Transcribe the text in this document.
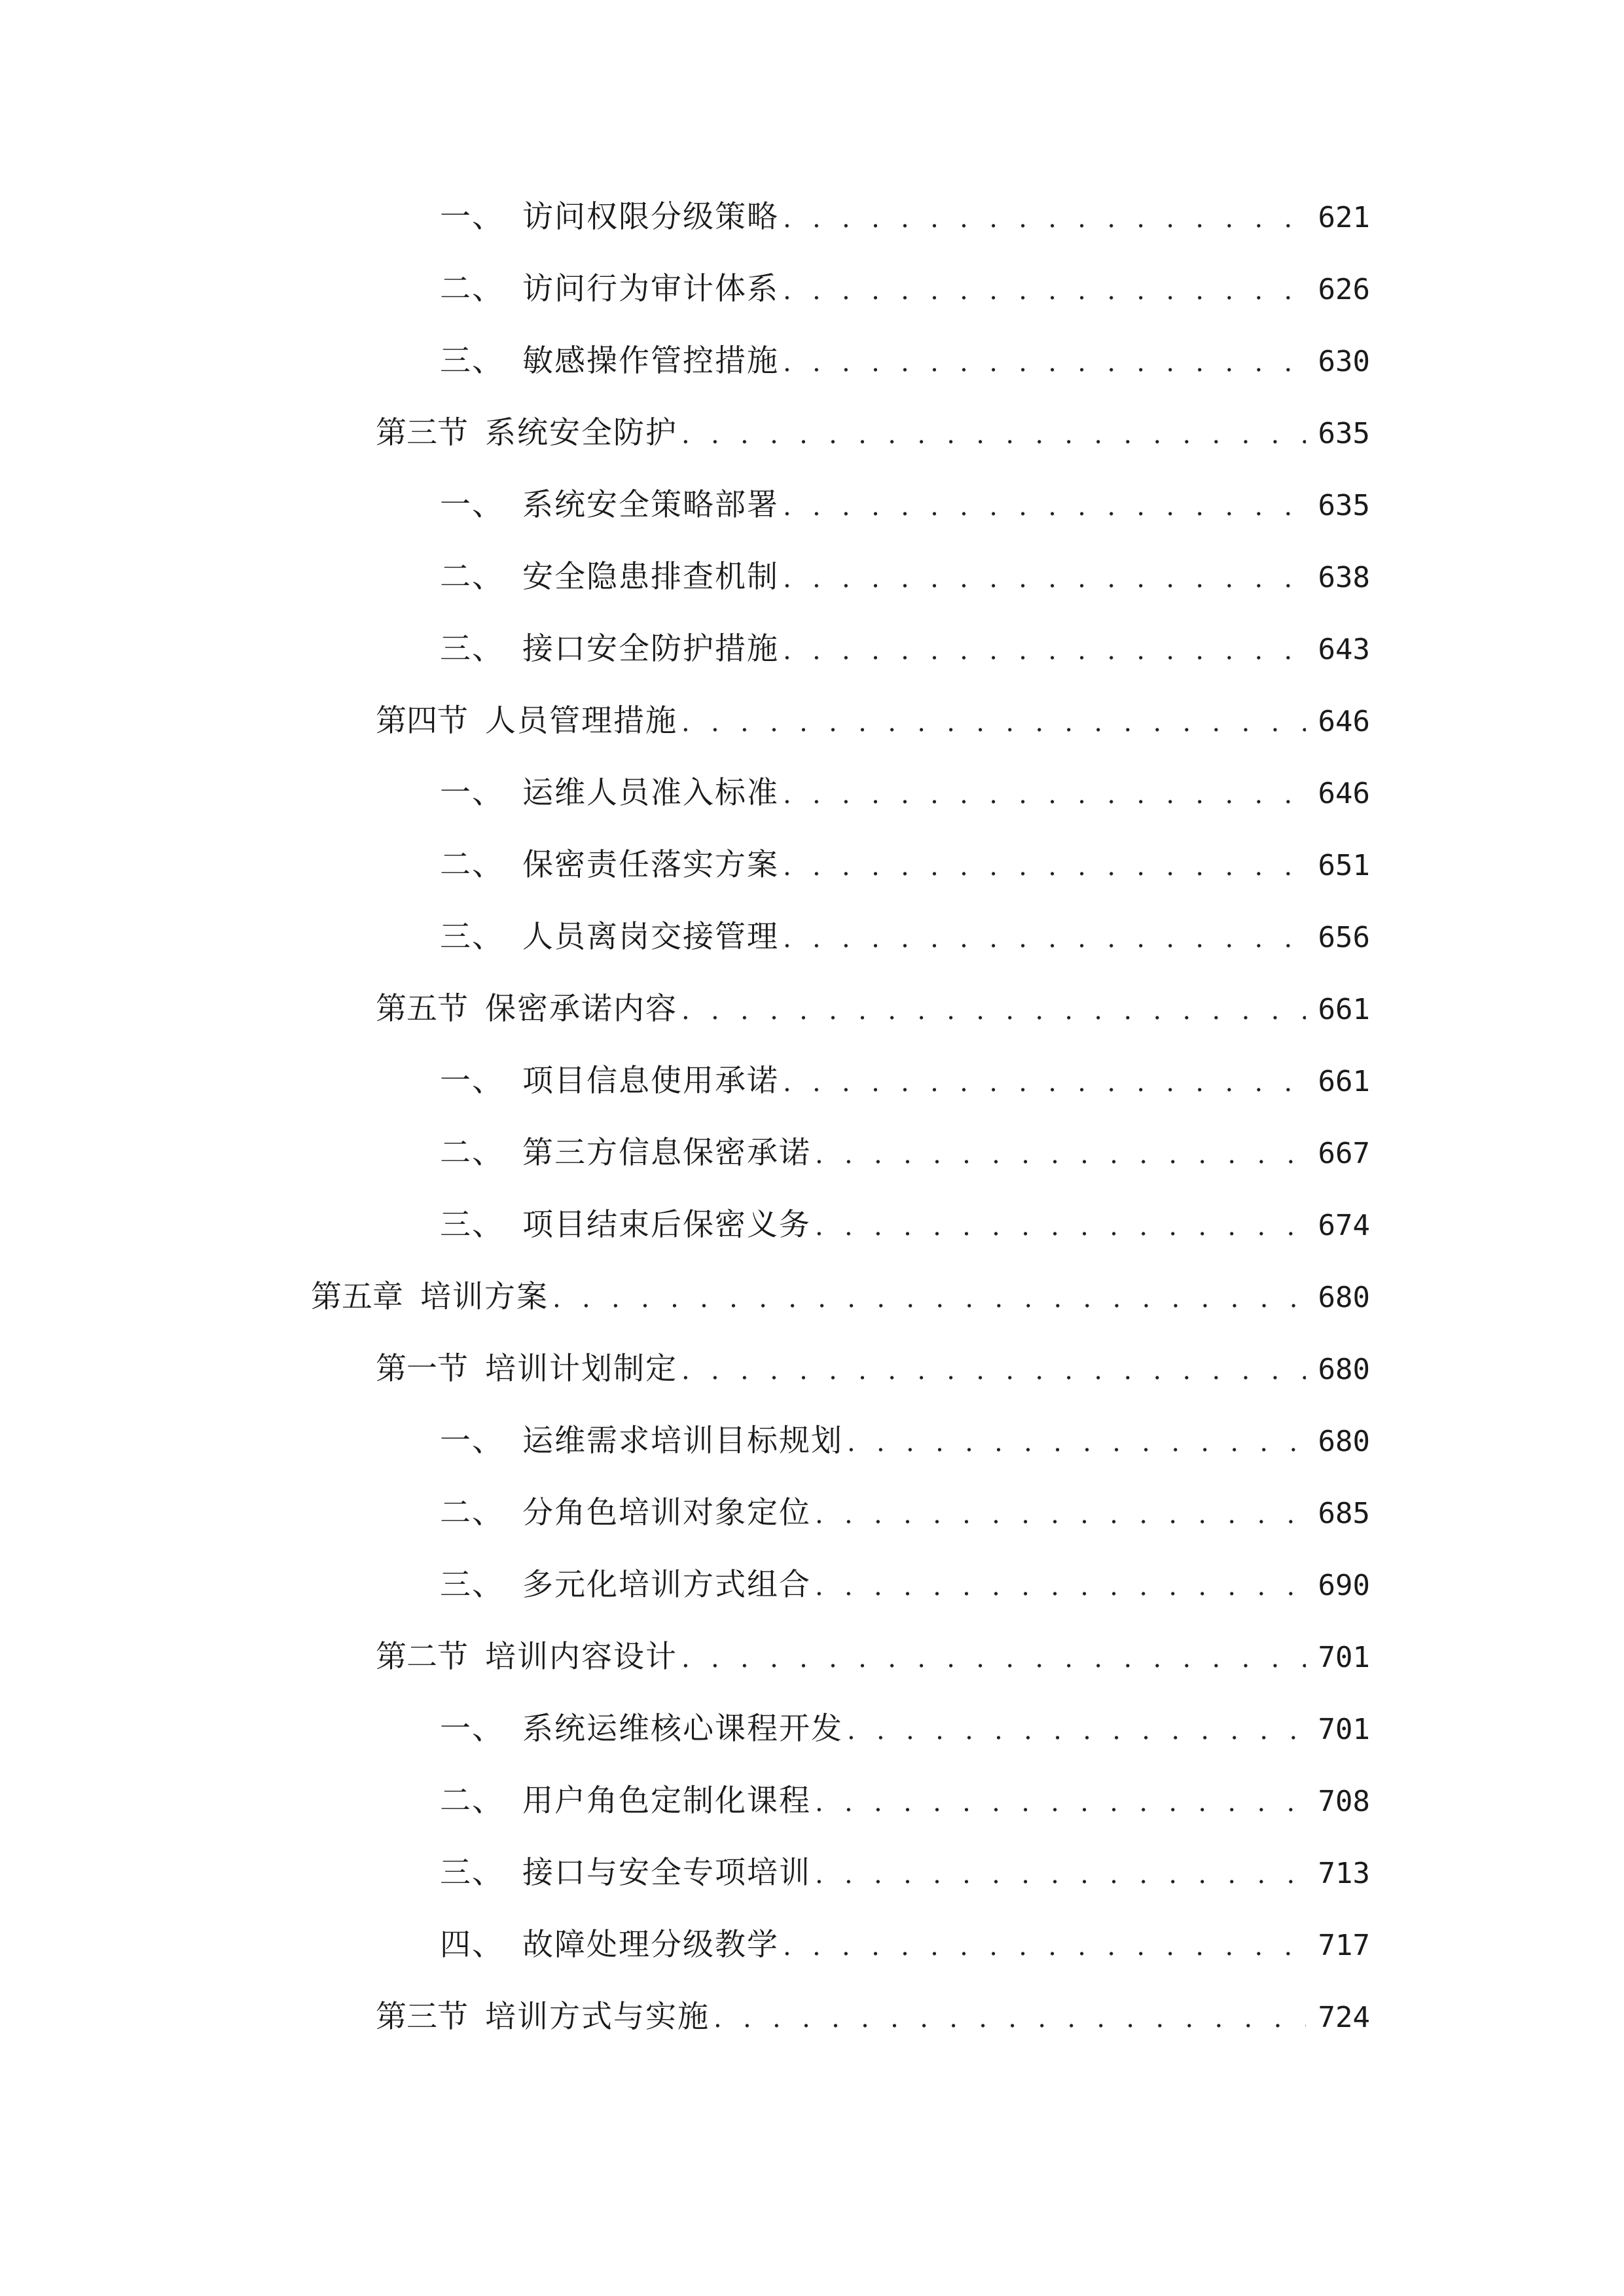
一、 访问权限分级策略 . . .	621
二、 访问行为审计体系 . . .	626
三、 敏感操作管控措施 . . .	630
第三节 系统安全防护 . . .	635
一、 系统安全策略部署 . . .	635
二、 安全隐患排查机制 . . .	638
三、 接口安全防护措施 . . .	643
第四节 人员管理措施 . . .	646
一、 运维人员准入标准 . . .	646
二、 保密责任落实方案 . . .	651
三、 人员离岗交接管理 . . .	656
第五节 保密承诺内容 . . .	661
一、 项目信息使用承诺 . . .	661
二、 第三方信息保密承诺 . . .	667
三、 项目结束后保密义务 . . .	674
第五章 培训方案 . . .	680
第一节 培训计划制定 . . .	680
一、 运维需求培训目标规划 . . .	680
二、 分角色培训对象定位 . . .	685
三、 多元化培训方式组合 . . .	690
第二节 培训内容设计 . . .	701
一、 系统运维核心课程开发 . . .	701
二、 用户角色定制化课程 . . .	708
三、 接口与安全专项培训 . . .	713
四、 故障处理分级教学 . . .	717
第三节 培训方式与实施 . . .	724
